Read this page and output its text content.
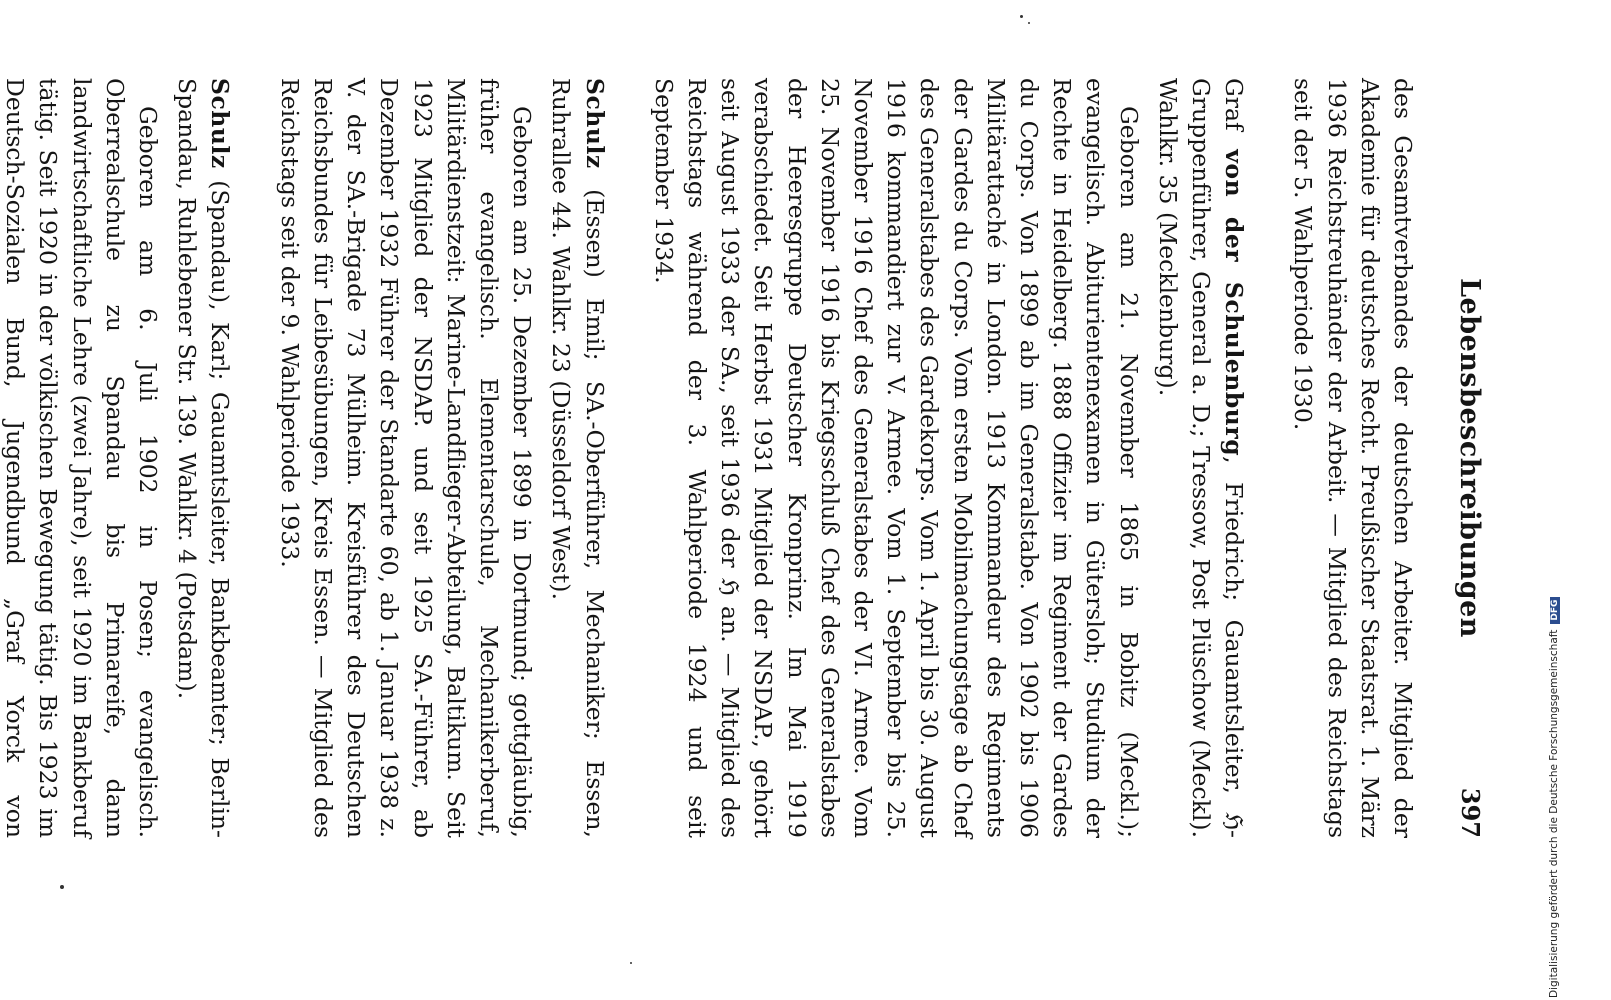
Lebensbeschreibungen
397

des Gesamtverbandes der deutschen Arbeiter. Mitglied der Akademie für deutsches Recht. Preußischer Staatsrat. 1. März 1936 Reichstreuhänder der Arbeit. — Mitglied des Reichstags seit der 5. Wahlperiode 1930.

Graf von der Schulenburg, Friedrich; Gauamtsleiter, ℌ-Gruppenführer, General a. D.; Tressow, Post Plüschow (Meckl). Wahlkr. 35 (Mecklenburg).

Geboren am 21. November 1865 in Bobitz (Meckl.); evangelisch. Abiturientenexamen in Gütersloh; Studium der Rechte in Heidelberg. 1888 Offizier im Regiment der Gardes du Corps. Von 1899 ab im Generalstabe. Von 1902 bis 1906 Militärattaché in London. 1913 Kommandeur des Regiments der Gardes du Corps. Vom ersten Mobilmachungstage ab Chef des Generalstabes des Gardekorps. Vom 1. April bis 30. August 1916 kommandiert zur V. Armee. Vom 1. September bis 25. November 1916 Chef des Generalstabes der VI. Armee. Vom 25. November 1916 bis Kriegsschluß Chef des Generalstabes der Heeresgruppe Deutscher Kronprinz. Im Mai 1919 verabschiedet. Seit Herbst 1931 Mitglied der NSDAP., gehört seit August 1933 der SA., seit 1936 der ℌ an. — Mitglied des Reichstags während der 3. Wahlperiode 1924 und seit September 1934.

Schulz (Essen) Emil; SA.-Oberführer, Mechaniker; Essen, Ruhrallee 44. Wahlkr. 23 (Düsseldorf West).

Geboren am 25. Dezember 1899 in Dortmund; gottgläubig, früher evangelisch. Elementarschule, Mechanikerberuf, Militärdienstzeit: Marine-Landflieger-Abteilung, Baltikum. Seit 1923 Mitglied der NSDAP. und seit 1925 SA.-Führer, ab Dezember 1932 Führer der Standarte 60, ab 1. Januar 1938 z. V. der SA.-Brigade 73 Mülheim. Kreisführer des Deutschen Reichsbundes für Leibesübungen, Kreis Essen. — Mitglied des Reichstags seit der 9. Wahlperiode 1933.

Schulz (Spandau), Karl; Gauamtsleiter, Bankbeamter; Berlin-Spandau, Ruhlebener Str. 139. Wahlkr. 4 (Potsdam).

Geboren am 6. Juli 1902 in Posen; evangelisch. Oberrealschule zu Spandau bis Primareife, dann landwirtschaftliche Lehre (zwei Jahre), seit 1920 im Bankberuf tätig. Seit 1920 in der völkischen Bewegung tätig. Bis 1923 im Deutsch-Sozialen Bund, Jugendbund „Graf Yorck von	Digitalisierung gefördert durch die Deutsche ForschungsgemeinschaftDFG
